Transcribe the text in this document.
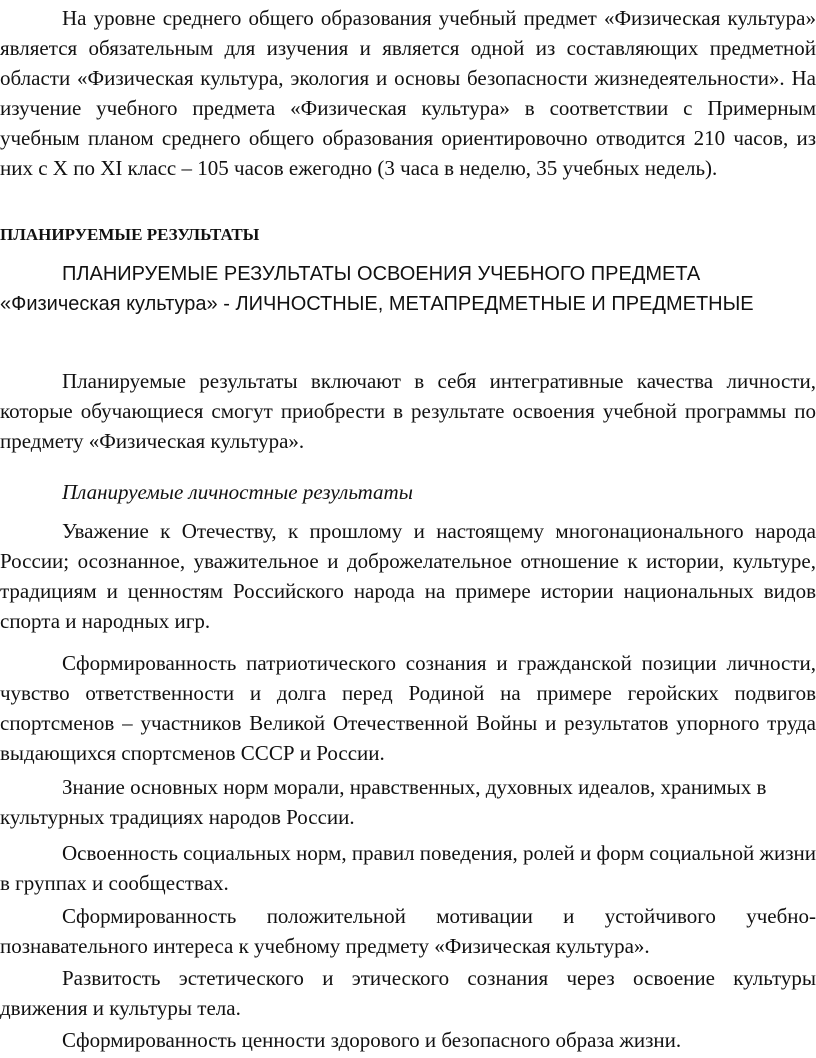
На уровне среднего общего образования учебный предмет «Физическая культура» является обязательным для изучения и является одной из составляющих предметной области «Физическая культура, экология и основы безопасности жизнедеятельности». На изучение учебного предмета «Физическая культура» в соответствии с Примерным учебным планом среднего общего образования ориентировочно отводится 210 часов, из них с X по XI класс – 105 часов ежегодно (3 часа в неделю, 35 учебных недель).

ПЛАНИРУЕМЫЕ РЕЗУЛЬТАТЫ

ПЛАНИРУЕМЫЕ РЕЗУЛЬТАТЫ ОСВОЕНИЯ УЧЕБНОГО ПРЕДМЕТА «Физическая культура» - ЛИЧНОСТНЫЕ, МЕТАПРЕДМЕТНЫЕ И ПРЕДМЕТНЫЕ

Планируемые результаты включают в себя интегративные качества личности, которые обучающиеся смогут приобрести в результате освоения учебной программы по предмету «Физическая культура».

Планируемые личностные результаты

Уважение к Отечеству, к прошлому и настоящему многонационального народа России; осознанное, уважительное и доброжелательное отношение к истории, культуре, традициям и ценностям Российского народа на примере истории национальных видов спорта и народных игр.

Сформированность патриотического сознания и гражданской позиции личности, чувство ответственности и долга перед Родиной на примере геройских подвигов спортсменов – участников Великой Отечественной Войны и результатов упорного труда выдающихся спортсменов СССР и России.

Знание основных норм морали, нравственных, духовных идеалов, хранимых в культурных традициях народов России.

Освоенность социальных норм, правил поведения, ролей и форм социальной жизни в группах и сообществах.

Сформированность положительной мотивации и устойчивого учебно-познавательного интереса к учебному предмету «Физическая культура».

Развитость эстетического и этического сознания через освоение культуры движения и культуры тела.

Сформированность ценности здорового и безопасного образа жизни.
